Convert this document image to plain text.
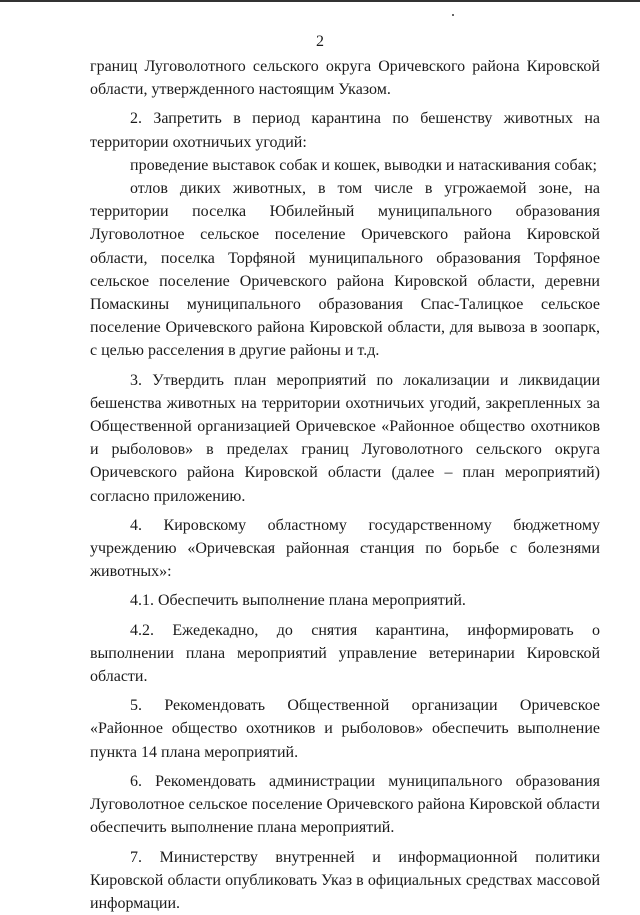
2

границ Луговолотного сельского округа Оричевского района Кировской области, утвержденного настоящим Указом.

2. Запретить в период карантина по бешенству животных на территории охотничьих угодий:

проведение выставок собак и кошек, выводки и натаскивания собак;

отлов диких животных, в том числе в угрожаемой зоне, на территории поселка Юбилейный муниципального образования Луговолотное сельское поселение Оричевского района Кировской области, поселка Торфяной муниципального образования Торфяное сельское поселение Оричевского района Кировской области, деревни Помаскины муниципального образования Спас-Талицкое сельское поселение Оричевского района Кировской области, для вывоза в зоопарк, с целью расселения в другие районы и т.д.

3. Утвердить план мероприятий по локализации и ликвидации бешенства животных на территории охотничьих угодий, закрепленных за Общественной организацией Оричевское «Районное общество охотников и рыболовов» в пределах границ Луговолотного сельского округа Оричевского района Кировской области (далее – план мероприятий) согласно приложению.

4. Кировскому областному государственному бюджетному учреждению «Оричевская районная станция по борьбе с болезнями животных»:

4.1. Обеспечить выполнение плана мероприятий.

4.2. Ежедекадно, до снятия карантина, информировать о выполнении плана мероприятий управление ветеринарии Кировской области.

5. Рекомендовать Общественной организации Оричевское «Районное общество охотников и рыболовов» обеспечить выполнение пункта 14 плана мероприятий.

6. Рекомендовать администрации муниципального образования Луговолотное сельское поселение Оричевского района Кировской области обеспечить выполнение плана мероприятий.

7. Министерству внутренней и информационной политики Кировской области опубликовать Указ в официальных средствах массовой информации.
